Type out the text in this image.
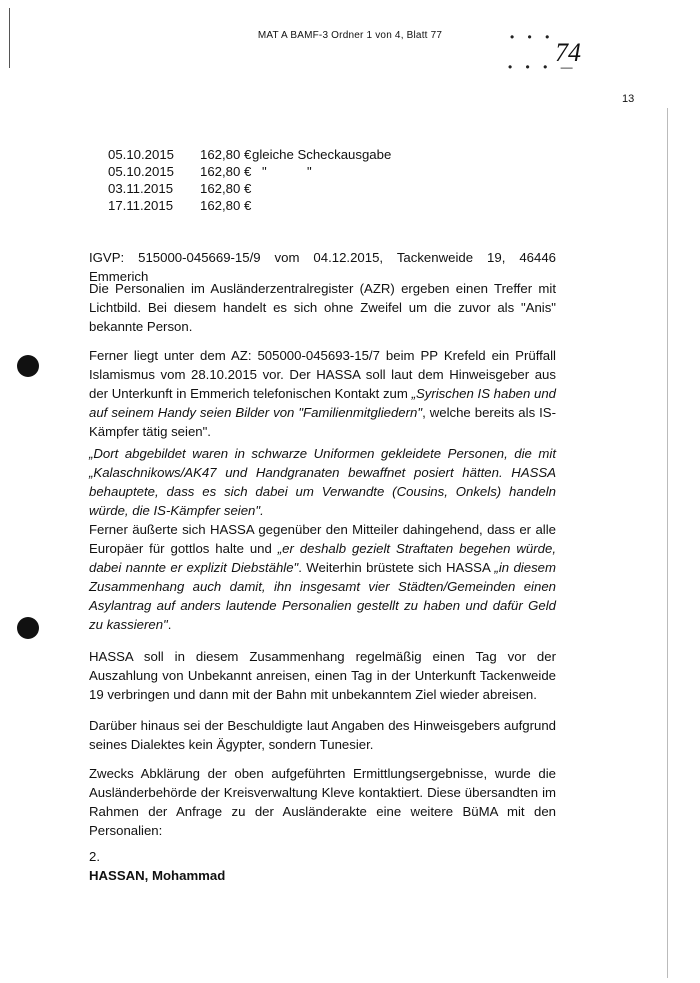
• • •
• • • —
MAT A BAMF-3 Ordner 1 von 4, Blatt 77
74
13
05.10.2015	162,80 €	gleiche Scheckausgabe
05.10.2015	162,80 €	"           "
03.11.2015	162,80 €	
17.11.2015	162,80 €	
IGVP: 515000-045669-15/9 vom 04.12.2015, Tackenweide 19, 46446 Emmerich

Die Personalien im Ausländerzentralregister (AZR) ergeben einen Treffer mit Lichtbild. Bei diesem handelt es sich ohne Zweifel um die zuvor als "Anis" bekannte Person.

Ferner liegt unter dem AZ: 505000-045693-15/7 beim PP Krefeld ein Prüffall Islamismus vom 28.10.2015 vor. Der HASSA soll laut dem Hinweisgeber aus der Unterkunft in Emmerich telefonischen Kontakt zum „Syrischen IS haben und auf seinem Handy seien Bilder von "Familienmitgliedern", welche bereits als IS-Kämpfer tätig seien".

„Dort abgebildet waren in schwarze Uniformen gekleidete Personen, die mit „Kalaschnikows/AK47 und Handgranaten bewaffnet posiert hätten. HASSA behauptete, dass es sich dabei um Verwandte (Cousins, Onkels) handeln würde, die IS-Kämpfer seien".

Ferner äußerte sich HASSA gegenüber den Mitteiler dahingehend, dass er alle Europäer für gottlos halte und „er deshalb gezielt Straftaten begehen würde, dabei nannte er explizit Diebstähle". Weiterhin brüstete sich HASSA „in diesem Zusammenhang auch damit, ihn insgesamt vier Städten/Gemeinden einen Asylantrag auf anders lautende Personalien gestellt zu haben und dafür Geld zu kassieren".

HASSA soll in diesem Zusammenhang regelmäßig einen Tag vor der Auszahlung von Unbekannt anreisen, einen Tag in der Unterkunft Tackenweide 19 verbringen und dann mit der Bahn mit unbekanntem Ziel wieder abreisen.

Darüber hinaus sei der Beschuldigte laut Angaben des Hinweisgebers aufgrund seines Dialektes kein Ägypter, sondern Tunesier.

Zwecks Abklärung der oben aufgeführten Ermittlungsergebnisse, wurde die Ausländerbehörde der Kreisverwaltung Kleve kontaktiert. Diese übersandten im Rahmen der Anfrage zu der Ausländerakte eine weitere BüMA mit den Personalien:

2.
HASSAN, Mohammad
